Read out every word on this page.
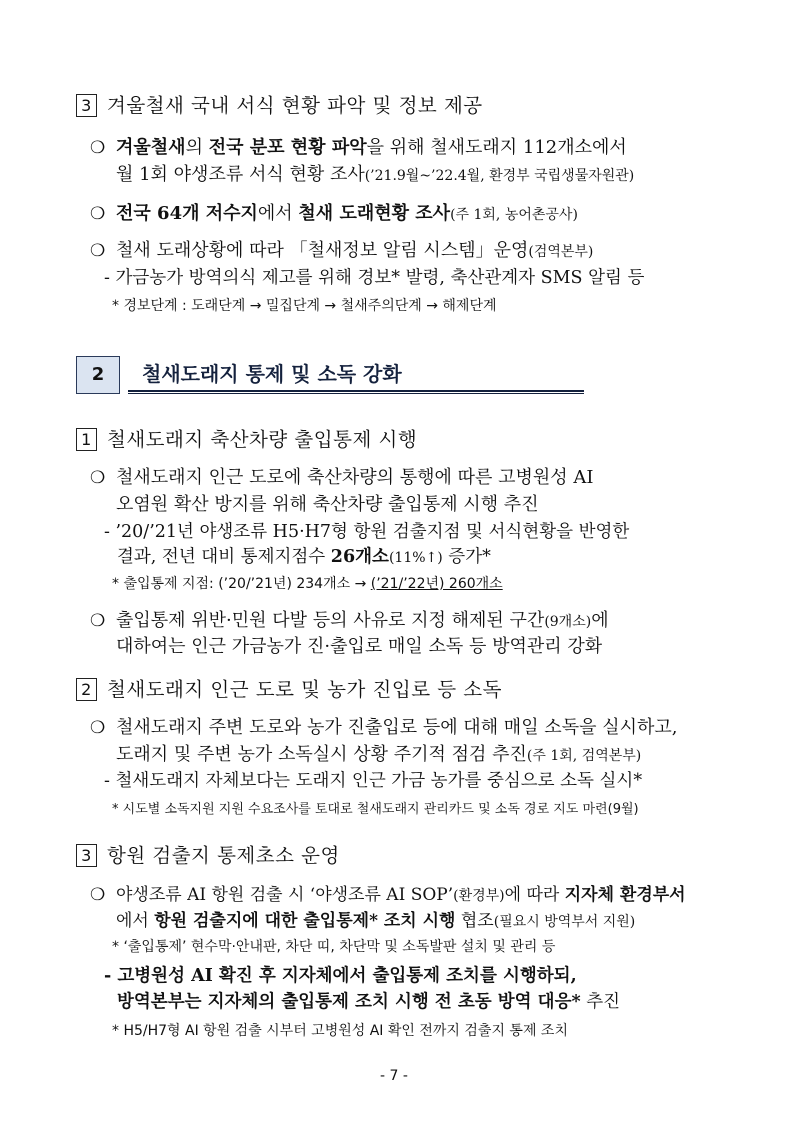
3 겨울철새 국내 서식 현황 파악 및 정보 제공
❍ 겨울철새의 전국 분포 현황 파악을 위해 철새도래지 112개소에서
월 1회 야생조류 서식 현황 조사(’21.9월~’22.4월, 환경부 국립생물자원관)
❍ 전국 64개 저수지에서 철새 도래현황 조사(주 1회, 농어촌공사)
❍ 철새 도래상황에 따라 「철새정보 알림 시스템」운영(검역본부)
- 가금농가 방역의식 제고를 위해 경보* 발령, 축산관계자 SMS 알림 등
* 경보단계 : 도래단계 → 밀집단계 → 철새주의단계 → 해제단계
2	철새도래지 통제 및 소독 강화
1 철새도래지 축산차량 출입통제 시행
❍ 철새도래지 인근 도로에 축산차량의 통행에 따른 고병원성 AI
오염원 확산 방지를 위해 축산차량 출입통제 시행 추진
- ’20/’21년 야생조류 H5·H7형 항원 검출지점 및 서식현황을 반영한
결과, 전년 대비 통제지점수 26개소(11%↑) 증가*
* 출입통제 지점: (’20/’21년) 234개소 → (’21/’22년) 260개소
❍ 출입통제 위반·민원 다발 등의 사유로 지정 해제된 구간(9개소)에
대하여는 인근 가금농가 진·출입로 매일 소독 등 방역관리 강화
2 철새도래지 인근 도로 및 농가 진입로 등 소독
❍ 철새도래지 주변 도로와 농가 진출입로 등에 대해 매일 소독을 실시하고,
도래지 및 주변 농가 소독실시 상황 주기적 점검 추진(주 1회, 검역본부)
- 철새도래지 자체보다는 도래지 인근 가금 농가를 중심으로 소독 실시*
* 시도별 소독지원 지원 수요조사를 토대로 철새도래지 관리카드 및 소독 경로 지도 마련(9월)
3 항원 검출지 통제초소 운영
❍ 야생조류 AI 항원 검출 시 ‘야생조류 AI SOP’(환경부)에 따라 지자체 환경부서
에서 항원 검출지에 대한 출입통제* 조치 시행 협조(필요시 방역부서 지원)
* ‘출입통제’ 현수막·안내판, 차단 띠, 차단막 및 소독발판 설치 및 관리 등
- 고병원성 AI 확진 후 지자체에서 출입통제 조치를 시행하되,
방역본부는 지자체의 출입통제 조치 시행 전 초동 방역 대응* 추진
* H5/H7형 AI 항원 검출 시부터 고병원성 AI 확인 전까지 검출지 통제 조치
- 7 -
